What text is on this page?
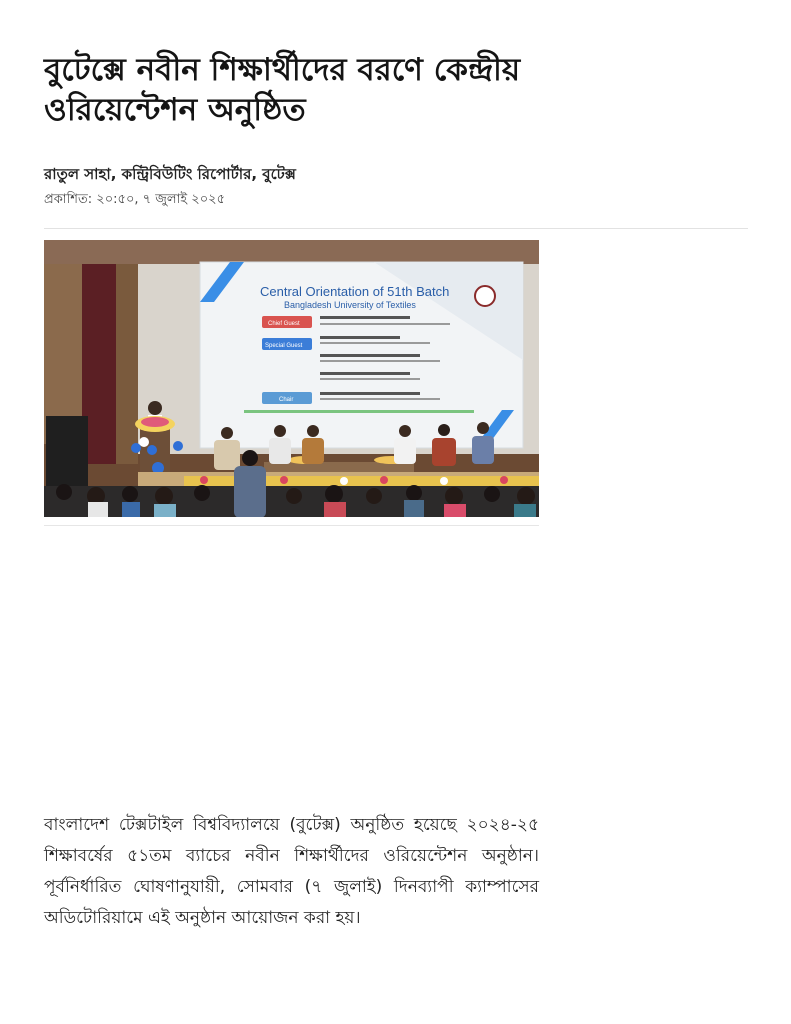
বুটেক্সে নবীন শিক্ষার্থীদের বরণে কেন্দ্রীয় ওরিয়েন্টেশন অনুষ্ঠিত
রাতুল সাহা, কন্ট্রিবিউটিং রিপোর্টার, বুটেক্স
প্রকাশিত: ২০:৫০, ৭ জুলাই ২০২৫
Central Orientation of 51th Batch
Bangladesh University of Textiles
Chief Guest
Special Guest
Chair

বাংলাদেশ টেক্সটাইল বিশ্ববিদ্যালয়ে (বুটেক্স) অনুষ্ঠিত হয়েছে ২০২৪-২৫ শিক্ষাবর্ষের ৫১তম ব্যাচের নবীন শিক্ষার্থীদের ওরিয়েন্টেশন অনুষ্ঠান। পূর্বনির্ধারিত ঘোষণানুযায়ী, সোমবার (৭ জুলাই) দিনব্যাপী ক্যাম্পাসের অডিটোরিয়ামে এই অনুষ্ঠান আয়োজন করা হয়।
